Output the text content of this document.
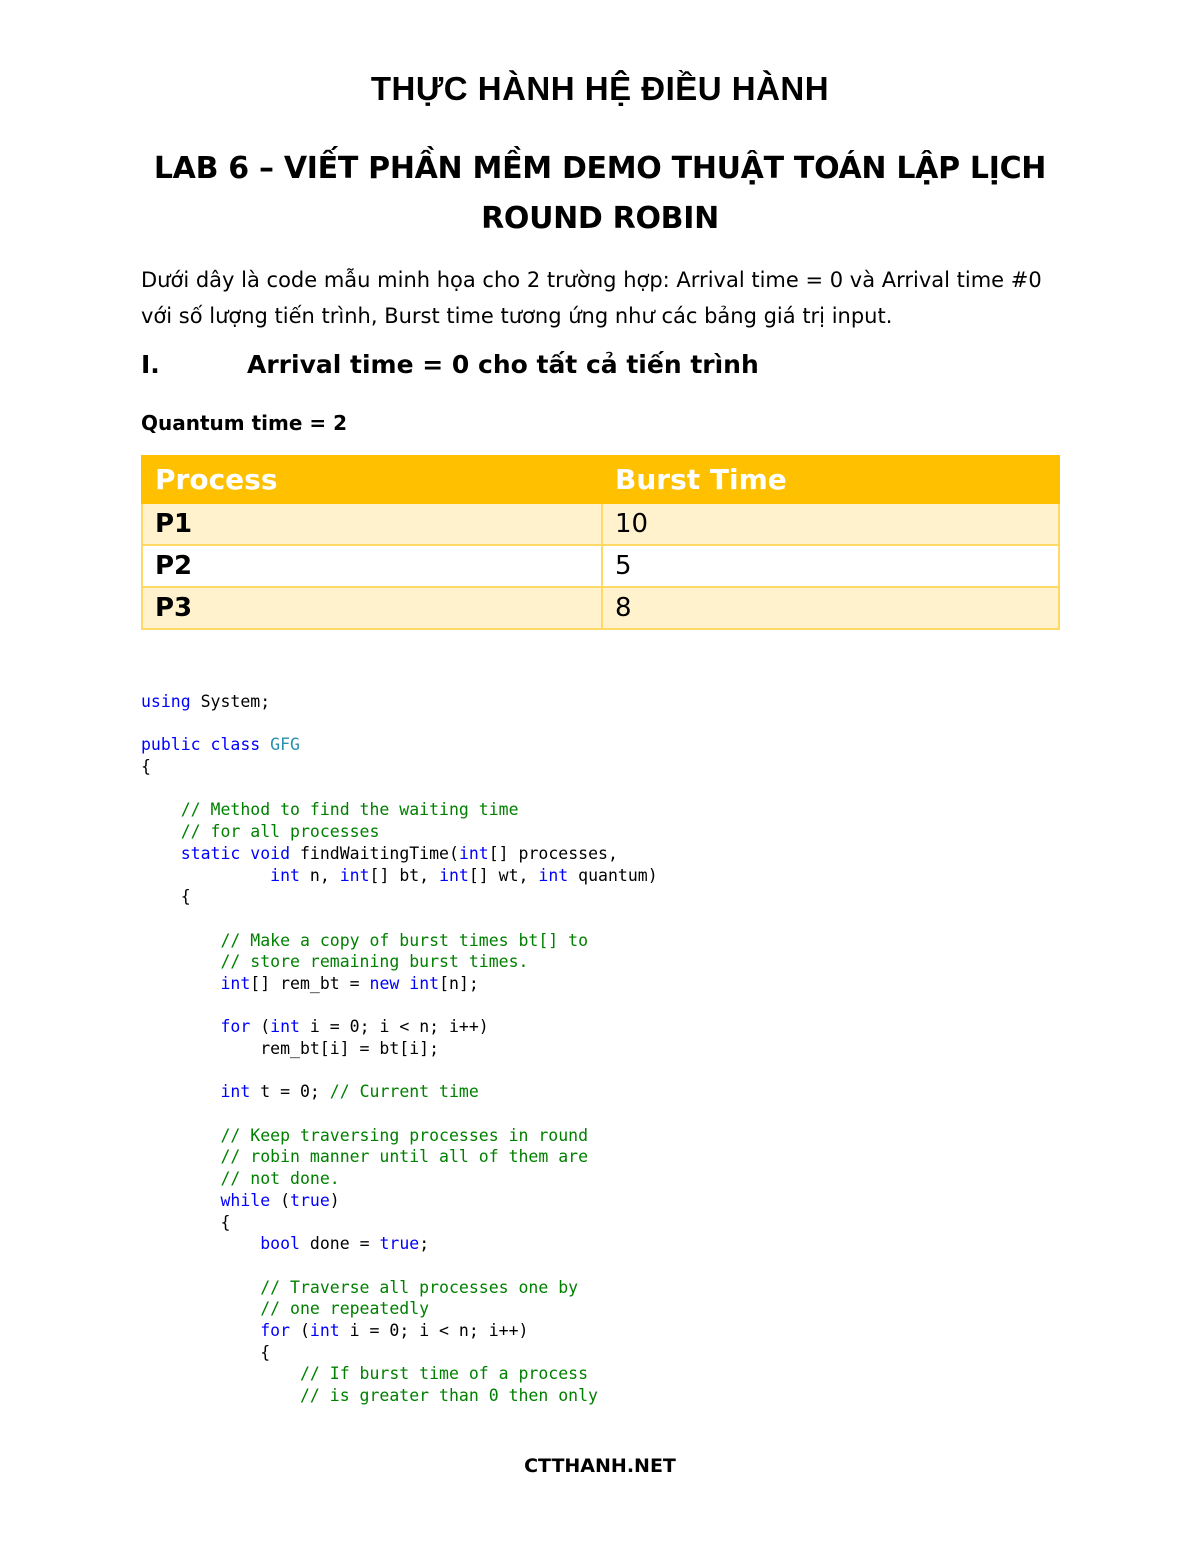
THỰC HÀNH HỆ ĐIỀU HÀNH
LAB 6 – VIẾT PHẦN MỀM DEMO THUẬT TOÁN LẬP LỊCH
ROUND ROBIN
Dưới dây là code mẫu minh họa cho 2 trường hợp: Arrival time = 0 và Arrival time #0 với số lượng tiến trình, Burst time tương ứng như các bảng giá trị input.
I.	Arrival time = 0 cho tất cả tiến trình
Quantum time = 2
Process	Burst Time
P1	10
P2	5
P3	8
using System;
public class GFG
{
// Method to find the waiting time
// for all processes
static void findWaitingTime(int[] processes,
int n, int[] bt, int[] wt, int quantum)
{
// Make a copy of burst times bt[] to
// store remaining burst times.
int[] rem_bt = new int[n];
for (int i = 0; i < n; i++)
rem_bt[i] = bt[i];
int t = 0; // Current time
// Keep traversing processes in round
// robin manner until all of them are
// not done.
while (true)
{
bool done = true;
// Traverse all processes one by
// one repeatedly
for (int i = 0; i < n; i++)
{
// If burst time of a process
// is greater than 0 then only
CTTHANH.NET
